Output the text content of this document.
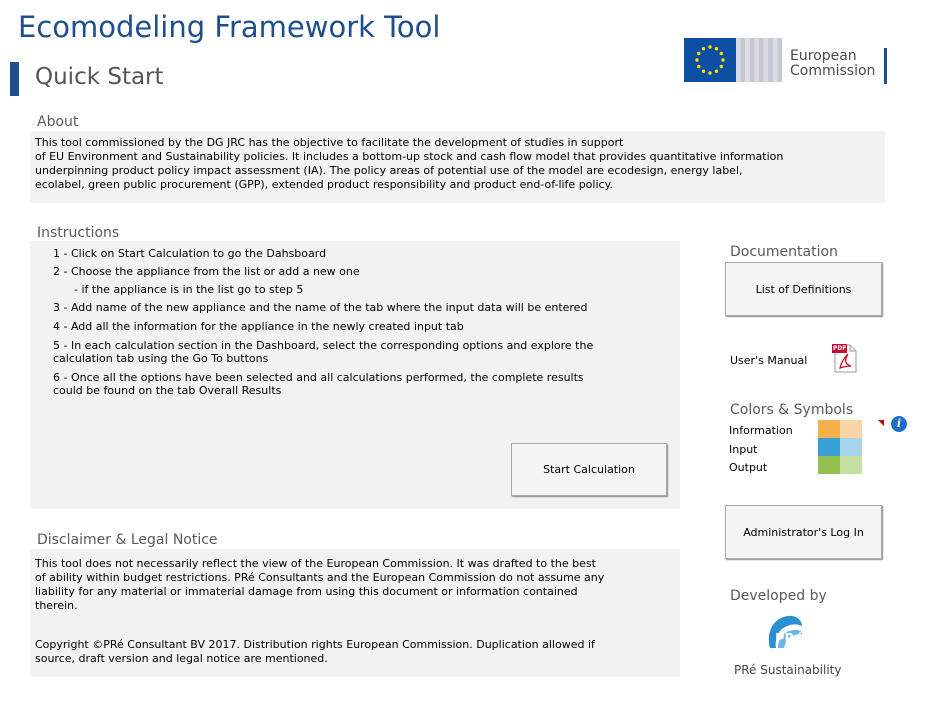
Ecomodeling Framework Tool
Quick Start
European
Commission
About
This tool commissioned by the DG JRC has the objective to facilitate the development of studies in support
of EU Environment and Sustainability policies. It includes a bottom-up stock and cash flow model that provides quantitative information
underpinning product policy impact assessment (IA). The policy areas of potential use of the model are ecodesign, energy label,
ecolabel, green public procurement (GPP), extended product responsibility and product end-of-life policy.
Instructions
1 - Click on Start Calculation to go the Dahsboard
2 - Choose the appliance from the list or add a new one
- if the appliance is in the list go to step 5
3 - Add name of the new appliance and the name of the tab where the input data will be entered
4 - Add all the information for the appliance in the newly created input tab
5 - In each calculation section in the Dashboard, select the corresponding options and explore the
calculation tab using the Go To buttons
6 - Once all the options have been selected and all calculations performed, the complete results
could be found on the tab Overall Results
Start Calculation
Disclaimer & Legal Notice
This tool does not necessarily reflect the view of the European Commission. It was drafted to the best
of ability within budget restrictions. PRé Consultants and the European Commission do not assume any
liability for any material or immaterial damage from using this document or information contained
therein.
Copyright ©PRé Consultant BV 2017. Distribution rights European Commission. Duplication allowed if
source, draft version and legal notice are mentioned.
Documentation
List of Definitions
User's Manual
PDF
Colors & Symbols
Information
Input
Output
i
Administrator's Log In
Developed by
PRé
PRé Sustainability
